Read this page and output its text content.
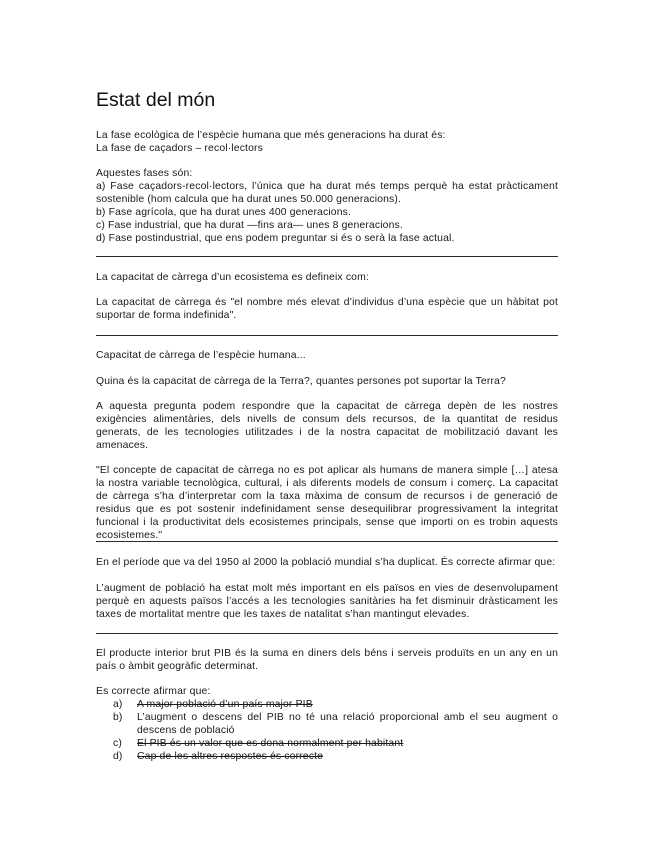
Estat del món

La fase ecològica de l’espècie humana que més generacions ha durat és:

La fase de caçadors – recol·lectors

Aquestes fases són:

a) Fase caçadors-recol·lectors, l’única que ha durat més temps perquè ha estat pràcticament sostenible (hom calcula que ha durat unes 50.000 generacions).

b) Fase agrícola, que ha durat unes 400 generacions.

c) Fase industrial, que ha durat —fins ara— unes 8 generacions.

d) Fase postindustrial, que ens podem preguntar si és o serà la fase actual.

La capacitat de càrrega d’un ecosistema es defineix com:
La capacitat de càrrega és "el nombre més elevat d’individus d’una espècie que un hàbitat pot suportar de forma indefinida".
Capacitat de càrrega de l’espècie humana...
Quina és la capacitat de càrrega de la Terra?, quantes persones pot suportar la Terra?
A aquesta pregunta podem respondre que la capacitat de càrrega depèn de les nostres exigències alimentàries, dels nivells de consum dels recursos, de la quantitat de residus generats, de les tecnologies utilitzades i de la nostra capacitat de mobilització davant les amenaces.
"El concepte de capacitat de càrrega no es pot aplicar als humans de manera simple […] atesa la nostra variable tecnològica, cultural, i als diferents models de consum i comerç. La capacitat de càrrega s’ha d’interpretar com la taxa màxima de consum de recursos i de generació de residus que es pot sostenir indefinidament sense desequilibrar progressivament la integritat funcional i la productivitat dels ecosistemes principals, sense que importi on es trobin aquests ecosistemes."
En el període que va del 1950 al 2000 la població mundial s’ha duplicat. És correcte afirmar que:
L’augment de població ha estat molt més important en els països en vies de desenvolupament perquè en aquests països l’accés a les tecnologies sanitàries ha fet disminuir dràsticament les taxes de mortalitat mentre que les taxes de natalitat s’han mantingut elevades.
El producte interior brut PIB és la suma en diners dels béns i serveis produïts en un any en un país o àmbit geogràfic determinat.

Es correcte afirmar que:

a) A major població d’un país major PIB
b) L’augment o descens del PIB no té una relació proporcional amb el seu augment o descens de població
c) El PIB és un valor que es dona normalment per habitant
d) Cap de les altres respostes és correcte
